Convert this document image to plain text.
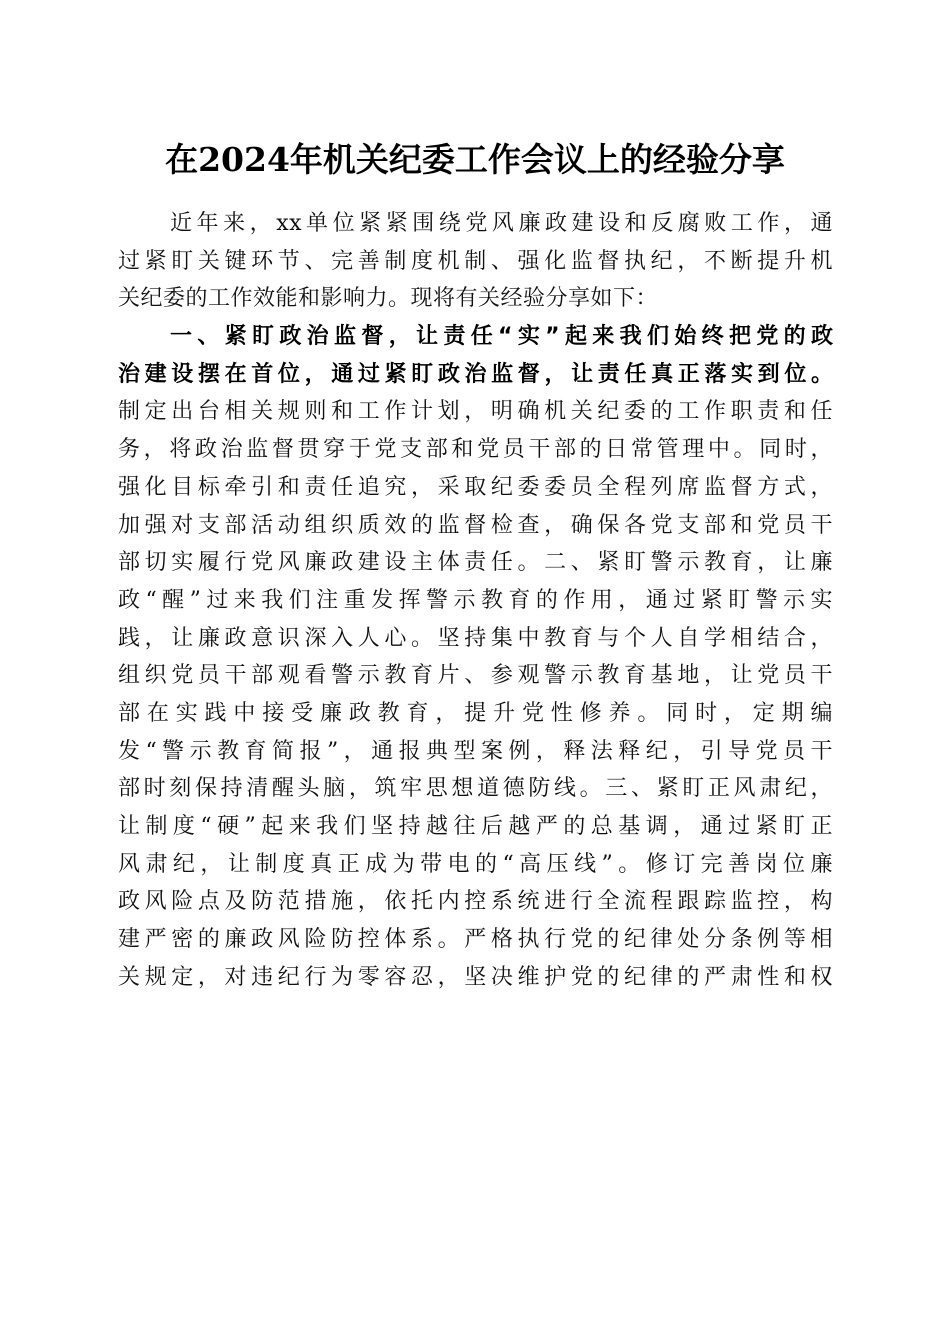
在2024年机关纪委工作会议上的经验分享
近年来，xx单位紧紧围绕党风廉政建设和反腐败工作，通
过紧盯关键环节、完善制度机制、强化监督执纪，不断提升机
关纪委的工作效能和影响力。现将有关经验分享如下：
一、紧盯政治监督，让责任“实”起来我们始终把党的政
治建设摆在首位，通过紧盯政治监督，让责任真正落实到位。
制定出台相关规则和工作计划，明确机关纪委的工作职责和任
务，将政治监督贯穿于党支部和党员干部的日常管理中。同时，
强化目标牵引和责任追究，采取纪委委员全程列席监督方式，
加强对支部活动组织质效的监督检查，确保各党支部和党员干
部切实履行党风廉政建设主体责任。二、紧盯警示教育，让廉
政“醒”过来我们注重发挥警示教育的作用，通过紧盯警示实
践，让廉政意识深入人心。坚持集中教育与个人自学相结合，
组织党员干部观看警示教育片、参观警示教育基地，让党员干
部在实践中接受廉政教育，提升党性修养。同时，定期编
发“警示教育简报”，通报典型案例，释法释纪，引导党员干
部时刻保持清醒头脑，筑牢思想道德防线。三、紧盯正风肃纪，
让制度“硬”起来我们坚持越往后越严的总基调，通过紧盯正
风肃纪，让制度真正成为带电的“高压线”。修订完善岗位廉
政风险点及防范措施，依托内控系统进行全流程跟踪监控，构
建严密的廉政风险防控体系。严格执行党的纪律处分条例等相
关规定，对违纪行为零容忍，坚决维护党的纪律的严肃性和权
